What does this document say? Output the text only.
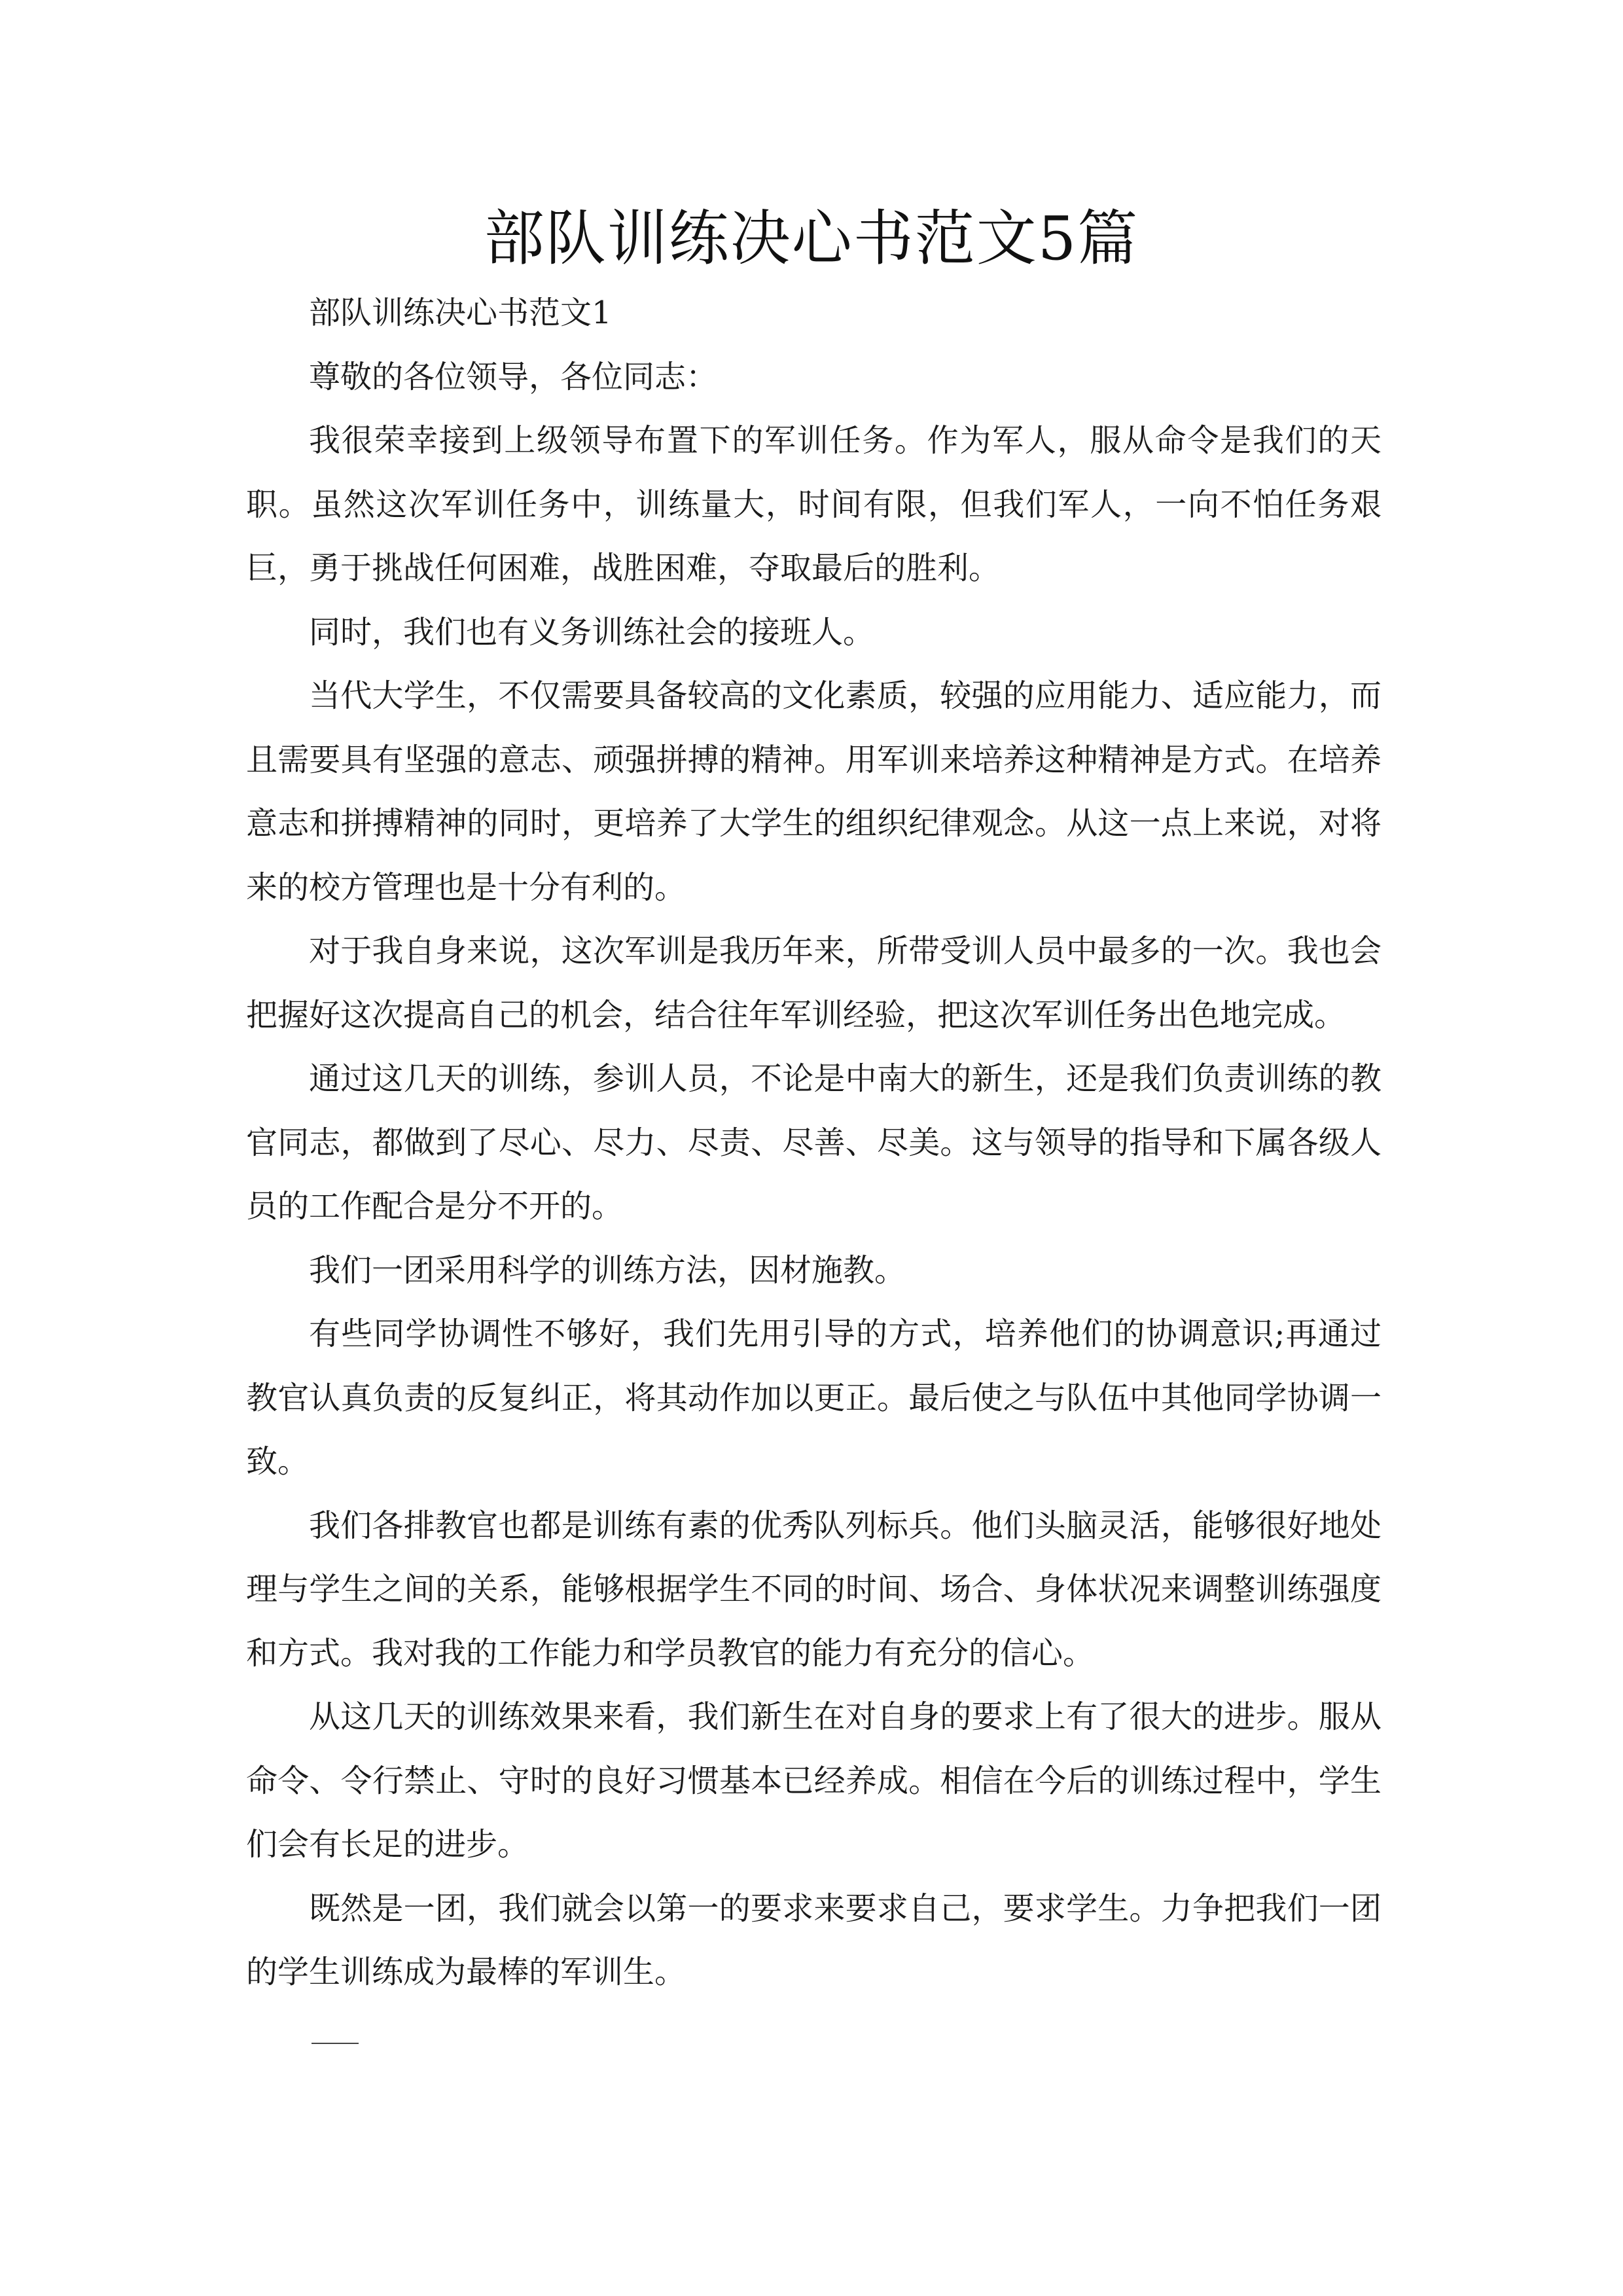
部队训练决心书范文5篇

部队训练决心书范文1

尊敬的各位领导，各位同志：

我很荣幸接到上级领导布置下的军训任务。作为军人，服从命令是我们的天职。虽然这次军训任务中，训练量大，时间有限，但我们军人，一向不怕任务艰巨，勇于挑战任何困难，战胜困难，夺取最后的胜利。

同时，我们也有义务训练社会的接班人。

当代大学生，不仅需要具备较高的文化素质，较强的应用能力、适应能力，而且需要具有坚强的意志、顽强拼搏的精神。用军训来培养这种精神是方式。在培养意志和拼搏精神的同时，更培养了大学生的组织纪律观念。从这一点上来说，对将来的校方管理也是十分有利的。

对于我自身来说，这次军训是我历年来，所带受训人员中最多的一次。我也会把握好这次提高自己的机会，结合往年军训经验，把这次军训任务出色地完成。

通过这几天的训练，参训人员，不论是中南大的新生，还是我们负责训练的教官同志，都做到了尽心、尽力、尽责、尽善、尽美。这与领导的指导和下属各级人员的工作配合是分不开的。

我们一团采用科学的训练方法，因材施教。

有些同学协调性不够好，我们先用引导的方式，培养他们的协调意识;再通过教官认真负责的反复纠正，将其动作加以更正。最后使之与队伍中其他同学协调一致。

我们各排教官也都是训练有素的优秀队列标兵。他们头脑灵活，能够很好地处理与学生之间的关系，能够根据学生不同的时间、场合、身体状况来调整训练强度和方式。我对我的工作能力和学员教官的能力有充分的信心。

从这几天的训练效果来看，我们新生在对自身的要求上有了很大的进步。服从命令、令行禁止、守时的良好习惯基本已经养成。相信在今后的训练过程中，学生们会有长足的进步。

既然是一团，我们就会以第一的要求来要求自己，要求学生。力争把我们一团的学生训练成为最棒的军训生。
